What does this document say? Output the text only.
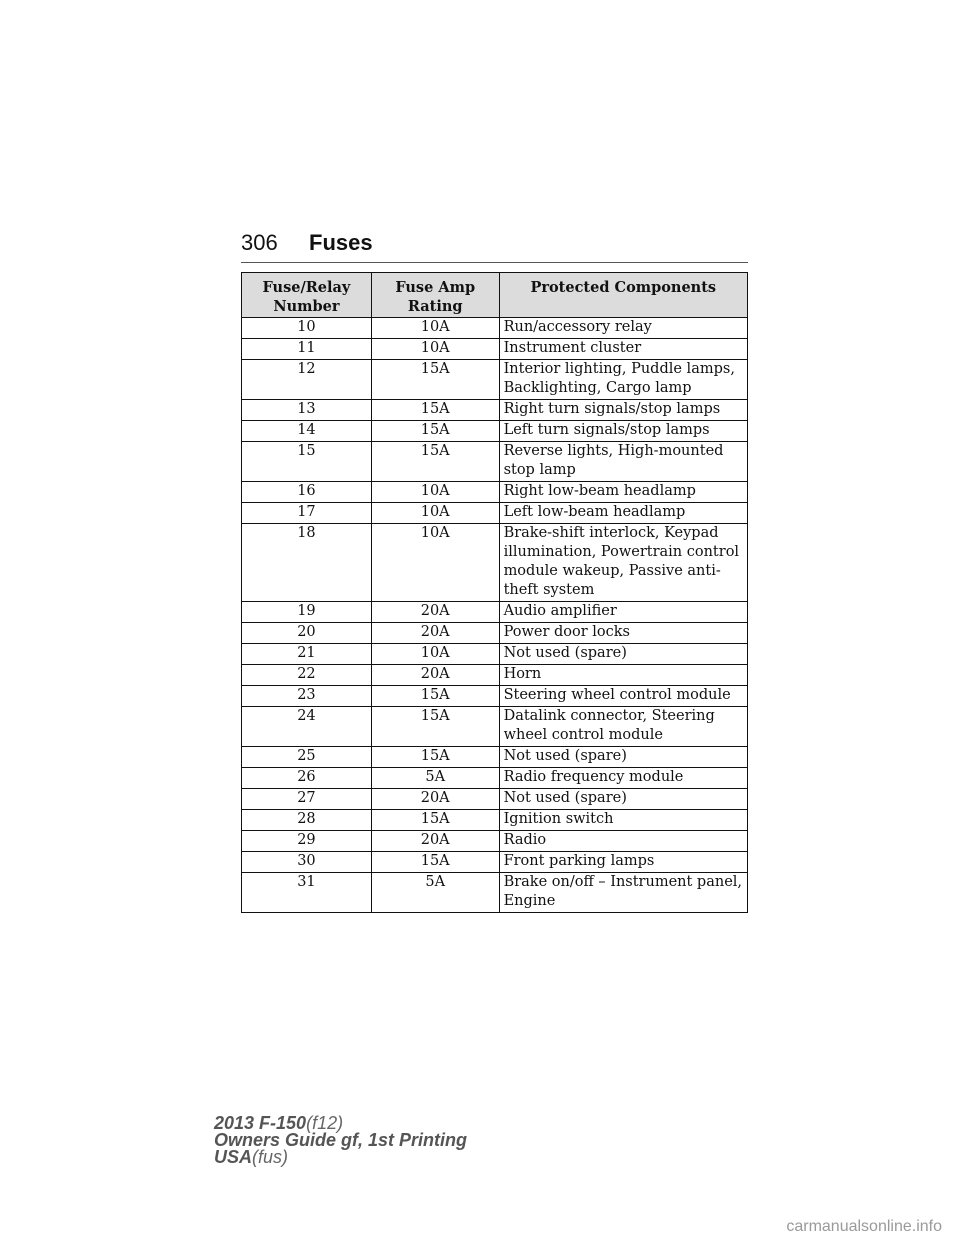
306 Fuses
Fuse/Relay Number	Fuse Amp Rating	Protected Components
10	10A	Run/accessory relay
11	10A	Instrument cluster
12	15A	Interior lighting, Puddle lamps, Backlighting, Cargo lamp
13	15A	Right turn signals/stop lamps
14	15A	Left turn signals/stop lamps
15	15A	Reverse lights, High-mounted stop lamp
16	10A	Right low-beam headlamp
17	10A	Left low-beam headlamp
18	10A	Brake-shift interlock, Keypad illumination, Powertrain control module wakeup, Passive anti-theft system
19	20A	Audio amplifier
20	20A	Power door locks
21	10A	Not used (spare)
22	20A	Horn
23	15A	Steering wheel control module
24	15A	Datalink connector, Steering wheel control module
25	15A	Not used (spare)
26	5A	Radio frequency module
27	20A	Not used (spare)
28	15A	Ignition switch
29	20A	Radio
30	15A	Front parking lamps
31	5A	Brake on/off – Instrument panel, Engine
2013 F-150(f12)
Owners Guide gf, 1st Printing
USA(fus)
carmanualsonline.info
